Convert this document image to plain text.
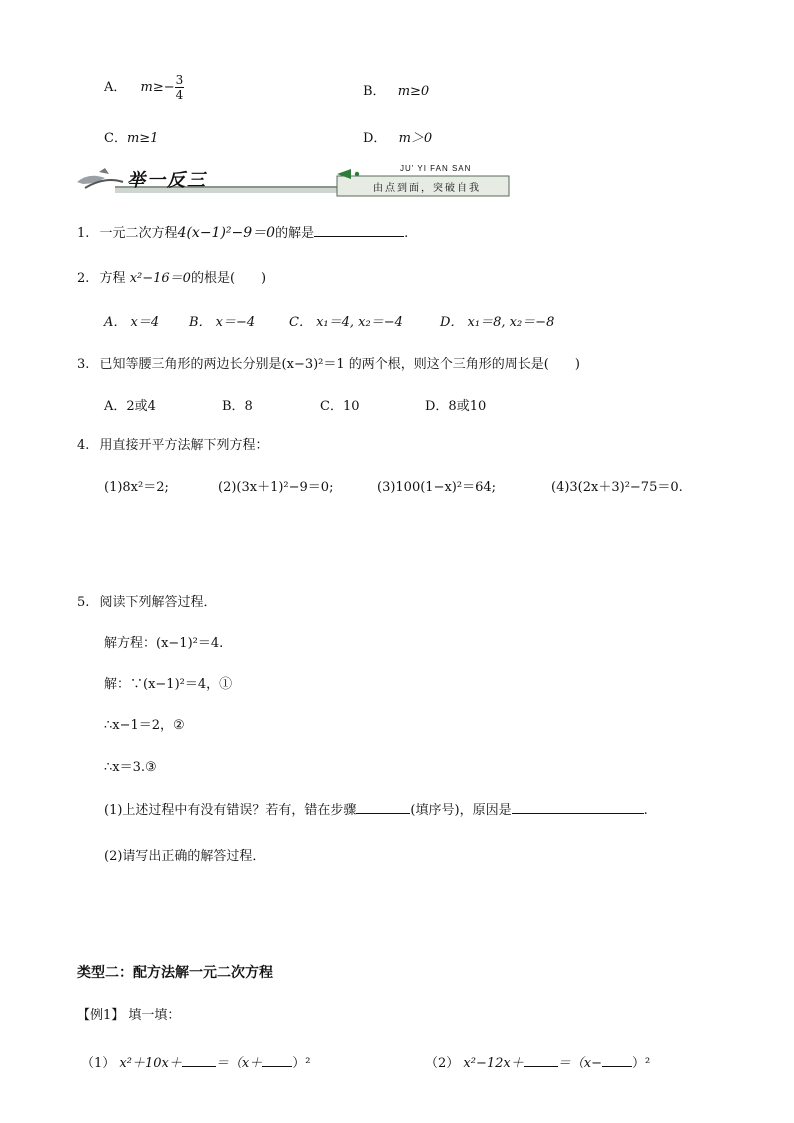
A． $m\ge- \frac{3}{4}$	B． m≥0
C．m≥1	D． m＞0
举一反三
JU' YI FAN SAN
由点到面，突破自我
1. 一元二次方程4(x−1)²−9＝0的解是	.
2. 方程 x²−16＝0的根是(　　)
A． x＝4 B． x＝−4	C． x₁＝4, x₂＝−4	D． x₁＝8, x₂＝−8
3. 已知等腰三角形的两边长分别是(x−3)²＝1 的两个根，则这个三角形的周长是(　　)
A．2或4	B．8	C．10	D．8或10
4. 用直接开平方法解下列方程：
(1)8x²＝2;	(2)(3x＋1)²−9＝0;	(3)100(1−x)²＝64;	(4)3(2x＋3)²−75＝0.
5. 阅读下列解答过程．
解方程：(x−1)²＝4.
解：∵(x−1)²＝4，①
∴x−1＝2，②
∴x＝3.③
(1)上述过程中有没有错误？若有，错在步骤	(填序号)，原因是	.
(2)请写出正确的解答过程．
类型二：配方法解一元二次方程
【例1】 填一填：
（1） x²＋10x＋	＝（x＋ ）²	（2） x²−12x＋	＝（x− ）²
